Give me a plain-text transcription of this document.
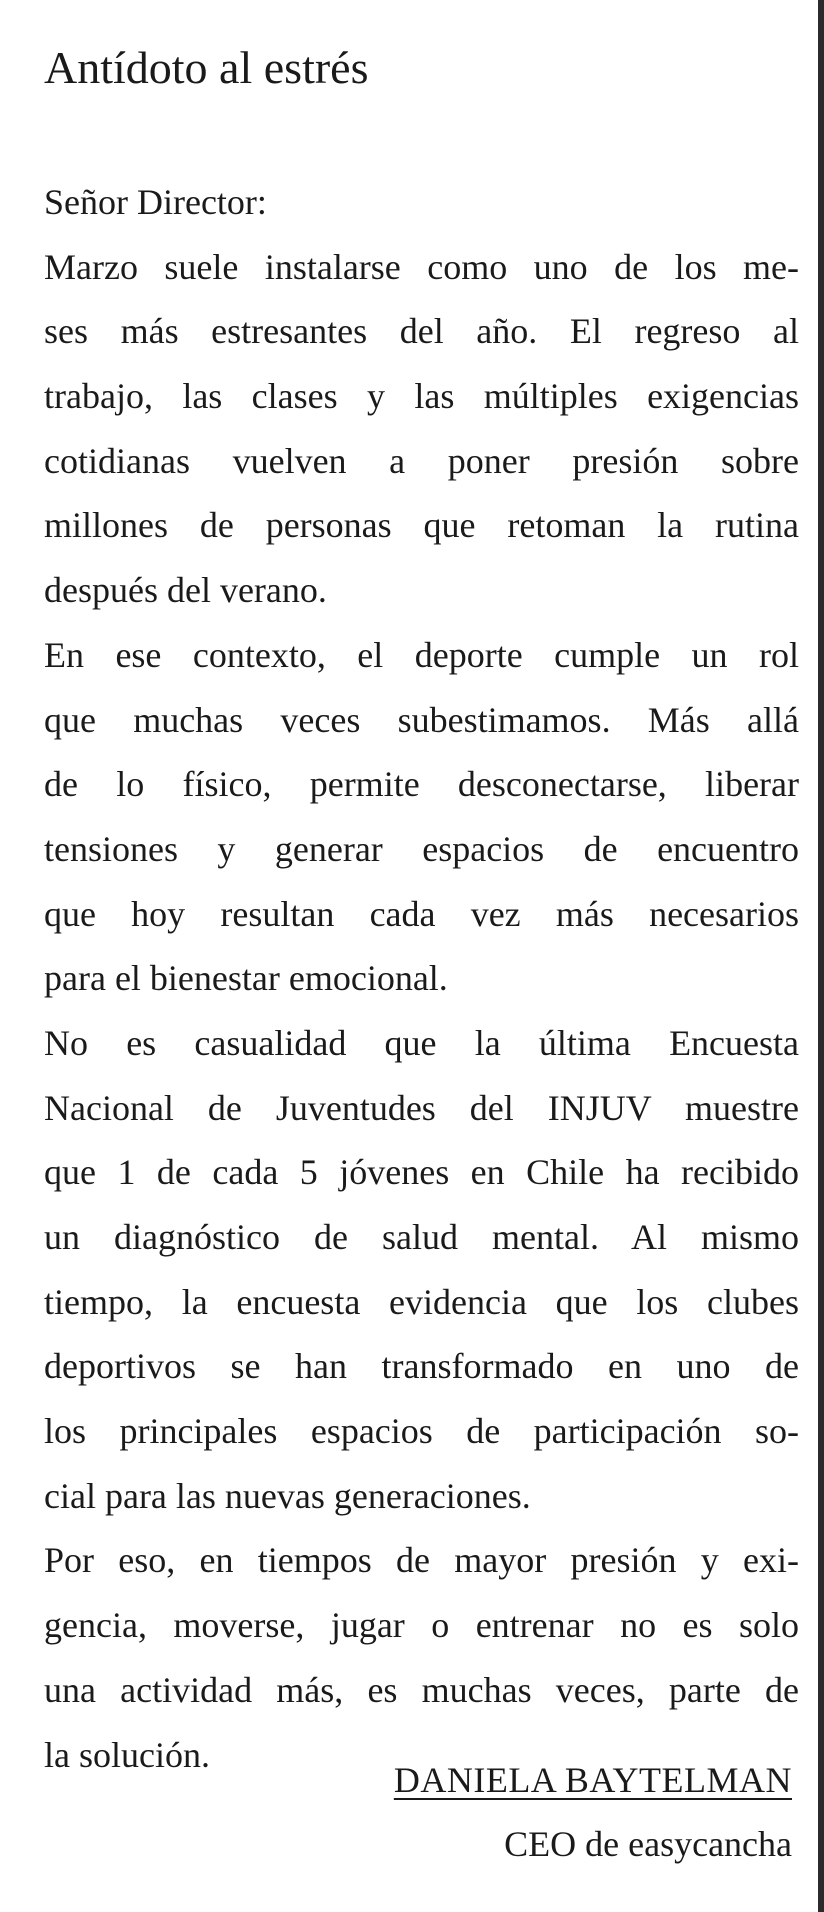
Antídoto al estrés
Señor Director:
Marzo suele instalarse como uno de los me-
ses más estresantes del año. El regreso al
trabajo, las clases y las múltiples exigencias
cotidianas vuelven a poner presión sobre
millones de personas que retoman la rutina
después del verano.
En ese contexto, el deporte cumple un rol
que muchas veces subestimamos. Más allá
de lo físico, permite desconectarse, liberar
tensiones y generar espacios de encuentro
que hoy resultan cada vez más necesarios
para el bienestar emocional.
No es casualidad que la última Encuesta
Nacional de Juventudes del INJUV muestre
que 1 de cada 5 jóvenes en Chile ha recibido
un diagnóstico de salud mental. Al mismo
tiempo, la encuesta evidencia que los clubes
deportivos se han transformado en uno de
los principales espacios de participación so-
cial para las nuevas generaciones.
Por eso, en tiempos de mayor presión y exi-
gencia, moverse, jugar o entrenar no es solo
una actividad más, es muchas veces, parte de
la solución.
DANIELA BAYTELMAN
CEO de easycancha
